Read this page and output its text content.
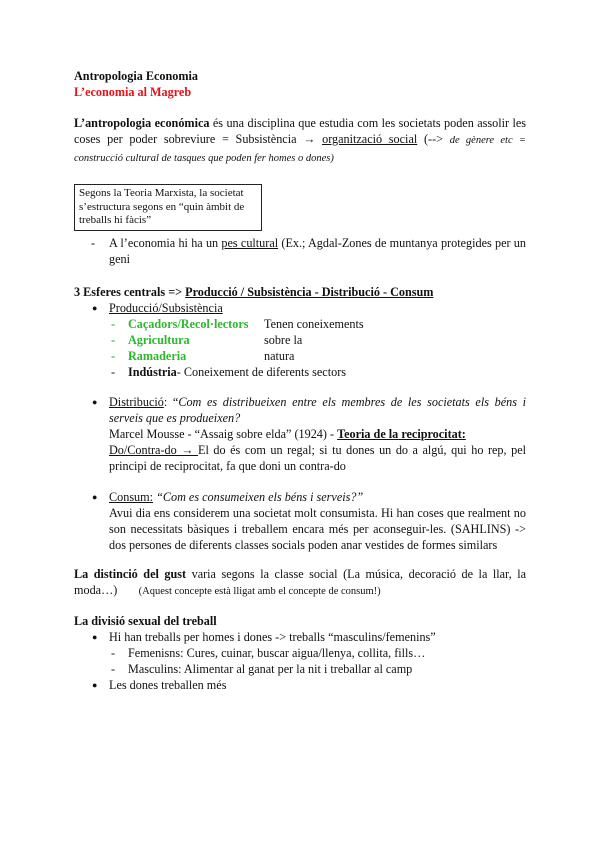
Antropologia Economia

L’economia al Magreb

L’antropologia económica és una disciplina que estudia com les societats poden assolir les coses per poder sobreviure = Subsistència → organització social (--> de gènere etc = construcció cultural de tasques que poden fer homes o dones)

Segons la Teoria Marxista, la societat s’estructura segons en “quin àmbit de treballs hi fàcis”
-	A l’economia hi ha un pes cultural (Ex.; Agdal-Zones de muntanya protegides per un geni

3 Esferes centrals => Producció / Subsistència - Distribució - Consum

● Producció/Subsistència
-	Caçadors/Recol·lectors	Tenen coneixements
-	Agricultura	sobre la
-	Ramaderia	natura
-	Indústria- Coneixement de diferents sectors
● Distribució: “Com es distribueixen entre els membres de les societats els béns i serveis que es produeixen?

Marcel Mousse - “Assaig sobre elda” (1924) - Teoria de la reciprocitat:

Do/Contra-do → El do és com un regal; si tu dones un do a algú, qui ho rep, pel principi de reciprocitat, fa que doni un contra-do

● Consum: “Com es consumeixen els béns i serveis?”

Avui dia ens considerem una societat molt consumista. Hi han coses que realment no son necessitats bàsiques i treballem encara més per aconseguir-les. (SAHLINS) -> dos persones de diferents classes socials poden anar vestides de formes similars

La distinció del gust varia segons la classe social (La música, decoració de la llar, la moda…) (Aquest concepte està lligat amb el concepte de consum!)

La divisió sexual del treball

● Hi han treballs per homes i dones -> treballs “masculins/femenins”
-	Femenisns: Cures, cuinar, buscar aigua/llenya, collita, fills…
-	Masculins: Alimentar al ganat per la nit i treballar al camp
● Les dones treballen més
